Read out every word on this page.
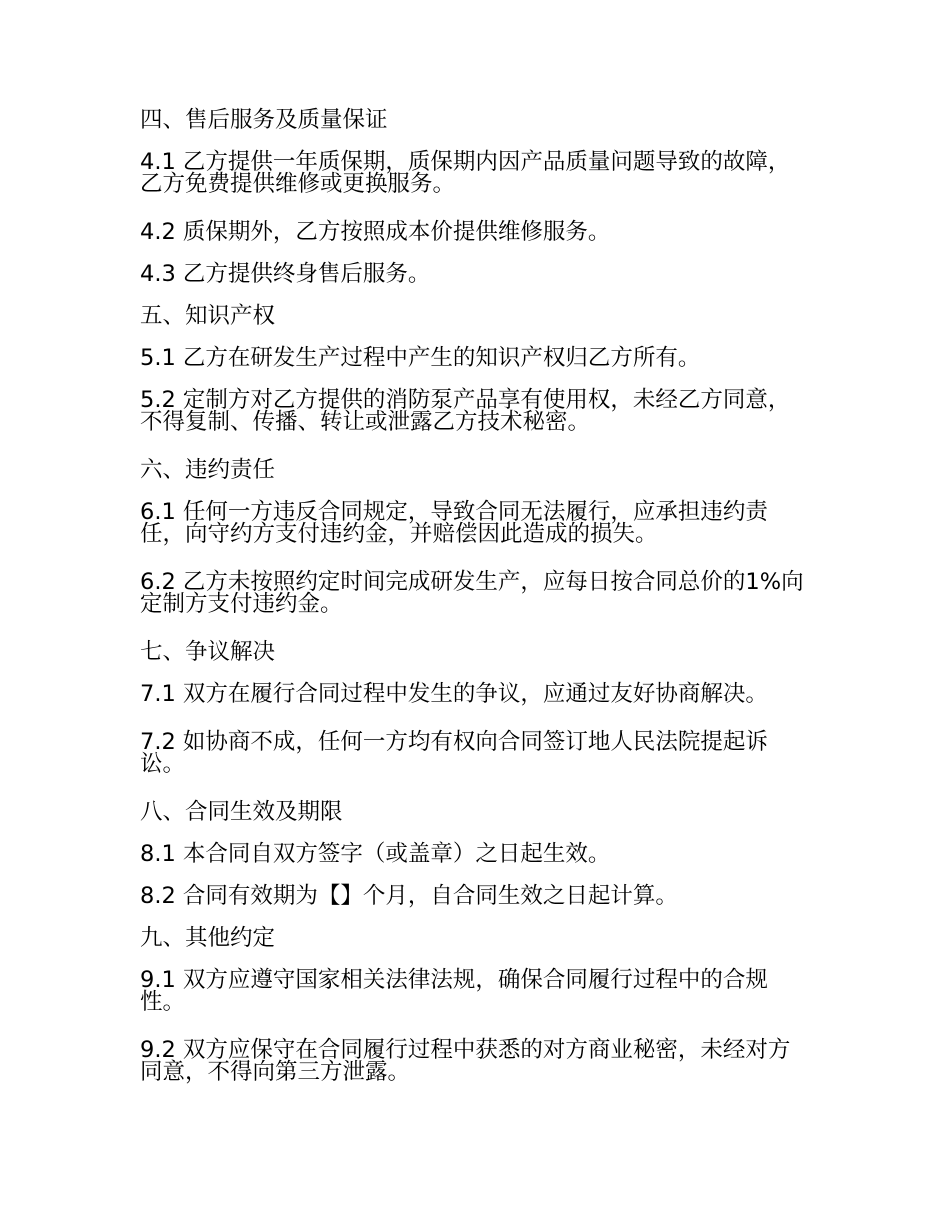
四、售后服务及质量保证
4.1 乙方提供一年质保期，质保期内因产品质量问题导致的故障，乙方免费提供维修或更换服务。
4.2 质保期外，乙方按照成本价提供维修服务。
4.3 乙方提供终身售后服务。
五、知识产权
5.1 乙方在研发生产过程中产生的知识产权归乙方所有。
5.2 定制方对乙方提供的消防泵产品享有使用权，未经乙方同意，不得复制、传播、转让或泄露乙方技术秘密。
六、违约责任
6.1 任何一方违反合同规定，导致合同无法履行，应承担违约责任，向守约方支付违约金，并赔偿因此造成的损失。
6.2 乙方未按照约定时间完成研发生产，应每日按合同总价的1%向定制方支付违约金。
七、争议解决
7.1 双方在履行合同过程中发生的争议，应通过友好协商解决。
7.2 如协商不成，任何一方均有权向合同签订地人民法院提起诉讼。
八、合同生效及期限
8.1 本合同自双方签字（或盖章）之日起生效。
8.2 合同有效期为【】个月，自合同生效之日起计算。
九、其他约定
9.1 双方应遵守国家相关法律法规，确保合同履行过程中的合规性。
9.2 双方应保守在合同履行过程中获悉的对方商业秘密，未经对方同意，不得向第三方泄露。
